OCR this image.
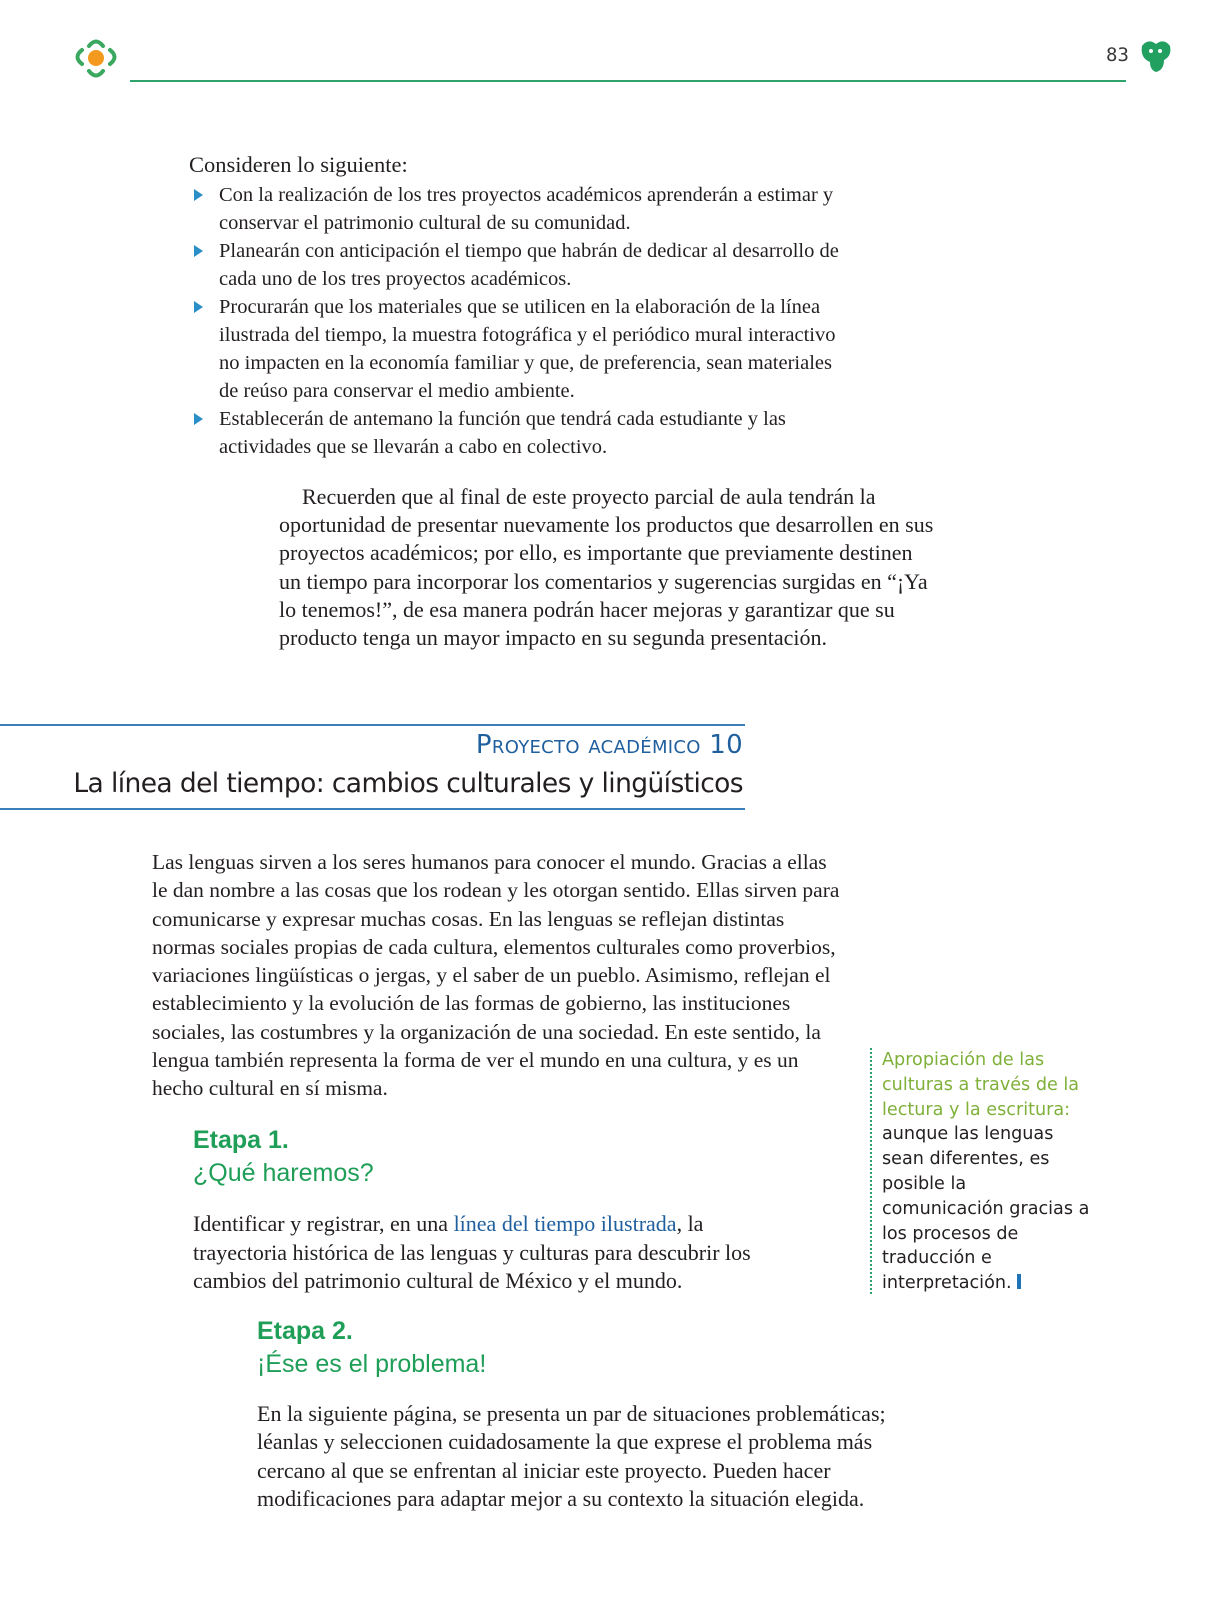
83
Consideren lo siguiente:
Con la realización de los tres proyectos académicos aprenderán a estimar y conservar el patrimonio cultural de su comunidad.
Planearán con anticipación el tiempo que habrán de dedicar al desarrollo de cada uno de los tres proyectos académicos.
Procurarán que los materiales que se utilicen en la elaboración de la línea ilustrada del tiempo, la muestra fotográfica y el periódico mural interactivo no impacten en la economía familiar y que, de preferencia, sean materiales de reúso para conservar el medio ambiente.
Establecerán de antemano la función que tendrá cada estudiante y las actividades que se llevarán a cabo en colectivo.

Recuerden que al final de este proyecto parcial de aula tendrán la oportunidad de presentar nuevamente los productos que desarrollen en sus proyectos académicos; por ello, es importante que previamente destinen un tiempo para incorporar los comentarios y sugerencias surgidas en “¡Ya lo tenemos!”, de esa manera podrán hacer mejoras y garantizar que su producto tenga un mayor impacto en su segunda presentación.

Proyecto académico 10
La línea del tiempo: cambios culturales y lingüísticos

Las lenguas sirven a los seres humanos para conocer el mundo. Gracias a ellas le dan nombre a las cosas que los rodean y les otorgan sentido. Ellas sirven para comunicarse y expresar muchas cosas. En las lenguas se reflejan distintas normas sociales propias de cada cultura, elementos culturales como proverbios, variaciones lingüísticas o jergas, y el saber de un pueblo. Asimismo, reflejan el establecimiento y la evolución de las formas de gobierno, las instituciones sociales, las costumbres y la organización de una sociedad. En este sentido, la lengua también representa la forma de ver el mundo en una cultura, y es un hecho cultural en sí misma.

Etapa 1.
¿Qué haremos?

Identificar y registrar, en una línea del tiempo ilustrada, la trayectoria histórica de las lenguas y culturas para descubrir los cambios del patrimonio cultural de México y el mundo.

Apropiación de las culturas a través de la lectura y la escritura: aunque las lenguas sean diferentes, es posible la comunicación gracias a los procesos de traducción e interpretación.

Etapa 2.
¡Ése es el problema!

En la siguiente página, se presenta un par de situaciones problemáticas; léanlas y seleccionen cuidadosamente la que exprese el problema más cercano al que se enfrentan al iniciar este proyecto. Pueden hacer modificaciones para adaptar mejor a su contexto la situación elegida.
